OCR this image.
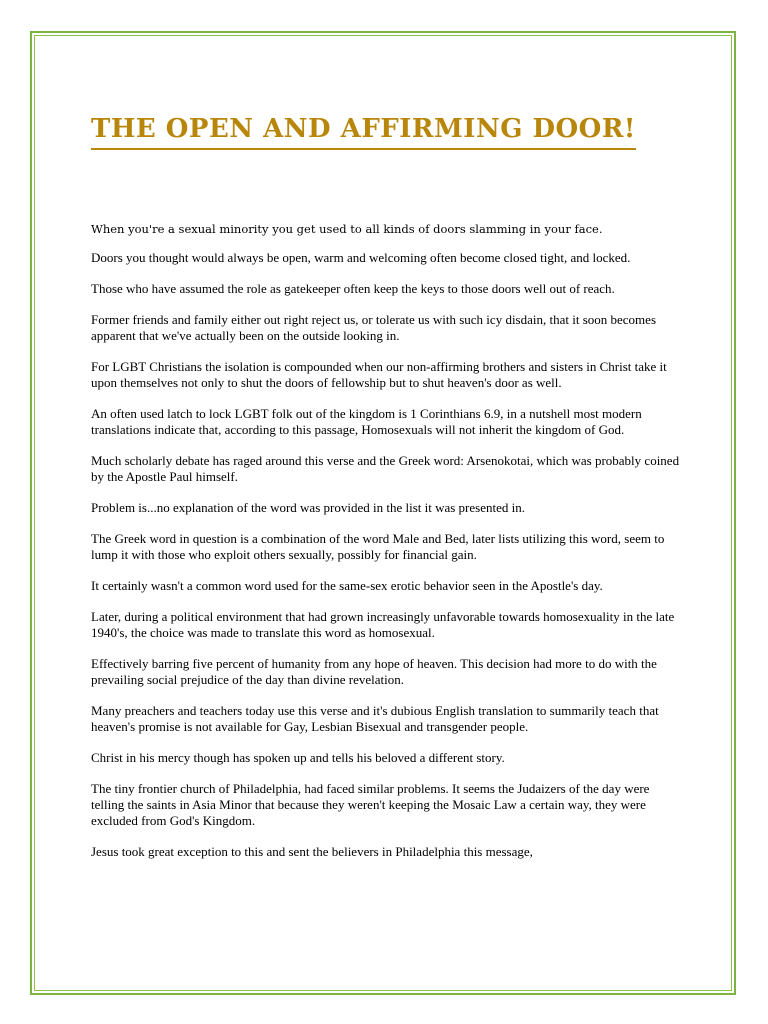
THE OPEN AND AFFIRMING DOOR!

When you're a sexual minority you get used to all kinds of doors slamming in your face.

Doors you thought would always be open, warm and welcoming often become closed tight, and locked.

Those who have assumed the role as gatekeeper often keep the keys to those doors well out of reach.

Former friends and family either out right reject us, or tolerate us with such icy disdain, that it soon becomes apparent that we've actually been on the outside looking in.

For LGBT Christians the isolation is compounded when our non-affirming brothers and sisters in Christ take it upon themselves not only to shut the doors of fellowship but to shut heaven's door as well.

An often used latch to lock LGBT folk out of the kingdom is 1 Corinthians 6.9, in a nutshell most modern translations indicate that, according to this passage, Homosexuals will not inherit the kingdom of God.

Much scholarly debate has raged around this verse and the Greek word: Arsenokotai, which was probably coined by the Apostle Paul himself.

Problem is...no explanation of the word was provided in the list it was presented in.

The Greek word in question is a combination of the word Male and Bed, later lists utilizing this word, seem to lump it with those who exploit others sexually, possibly for financial gain.

It certainly wasn't a common word used for the same-sex erotic behavior seen in the Apostle's day.

Later, during a political environment that had grown increasingly unfavorable towards homosexuality in the late 1940's, the choice was made to translate this word as homosexual.

Effectively barring five percent of humanity from any hope of heaven. This decision had more to do with the prevailing social prejudice of the day than divine revelation.

Many preachers and teachers today use this verse and it's dubious English translation to summarily teach that heaven's promise is not available for Gay, Lesbian Bisexual and transgender people.

Christ in his mercy though has spoken up and tells his beloved a different story.

The tiny frontier church of Philadelphia, had faced similar problems. It seems the Judaizers of the day were telling the saints in Asia Minor that because they weren't keeping the Mosaic Law a certain way, they were excluded from God's Kingdom.

Jesus took great exception to this and sent the believers in Philadelphia this message,
